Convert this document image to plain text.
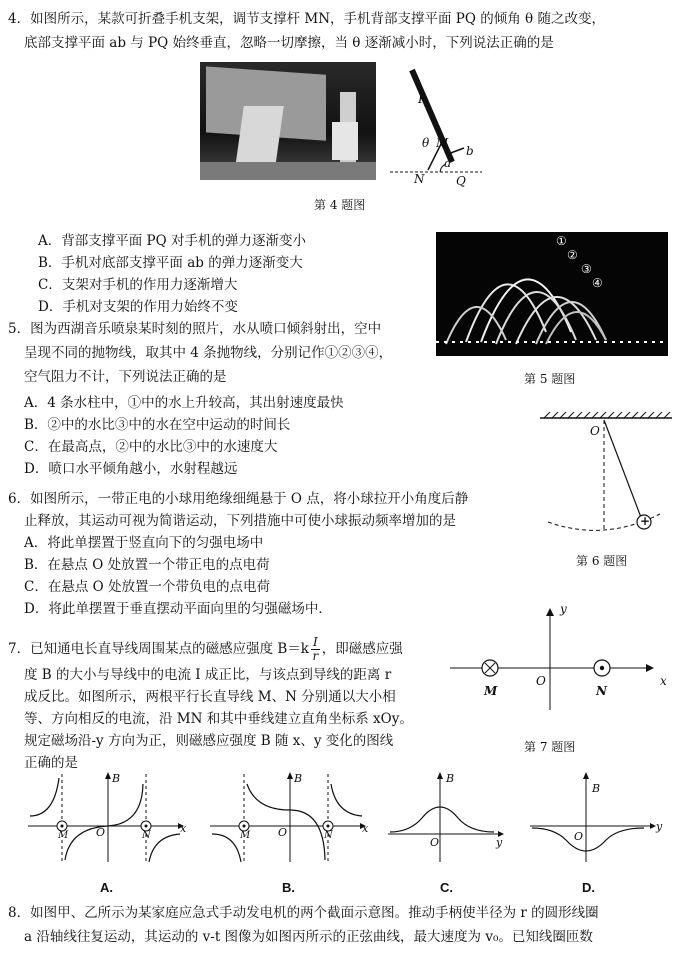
4．如图所示，某款可折叠手机支架，调节支撑杆 MN，手机背部支撑平面 PQ 的倾角 θ 随之改变，
底部支撑平面 ab 与 PQ 始终垂直，忽略一切摩擦，当 θ 逐渐减小时，下列说法正确的是
P
θ M
a
b
N	Q
第 4 题图
A．背部支撑平面 PQ 对手机的弹力逐渐变小
B．手机对底部支撑平面 ab 的弹力逐渐变大
C．支架对手机的作用力逐渐增大
D．手机对支架的作用力始终不变
5．图为西湖音乐喷泉某时刻的照片，水从喷口倾斜射出，空中
呈现不同的抛物线，取其中 4 条抛物线，分别记作①②③④，
空气阻力不计，下列说法正确的是
①
②
③
④
第 5 题图
A．4 条水柱中，①中的水上升较高，其出射速度最快
B．②中的水比③中的水在空中运动的时间长
C．在最高点，②中的水比③中的水速度大
D．喷口水平倾角越小，水射程越远
6．如图所示，一带正电的小球用绝缘细绳悬于 O 点，将小球拉开小角度后静
止释放，其运动可视为简谐运动，下列措施中可使小球振动频率增加的是
O
+
第 6 题图
A．将此单摆置于竖直向下的匀强电场中
B．在悬点 O 处放置一个带正电的点电荷
C．在悬点 O 处放置一个带负电的点电荷
D．将此单摆置于垂直摆动平面向里的匀强磁场中．
7．已知通电长直导线周围某点的磁感应强度 $B=k \frac{I}{r}$ ，即磁感应强
度 B 的大小与导线中的电流 I 成正比，与该点到导线的距离 r
成反比。如图所示，两根平行长直导线 M、N 分别通以大小相
等、方向相反的电流，沿 MN 和其中垂线建立直角坐标系 xOy。
规定磁场沿-y 方向为正，则磁感应强度 B 随 x、y 变化的图线
正确的是
y
x
O
M	N
第 7 题图
B
O
M	N
x
A.
B
O
M	N
x
B.
B
O	y
C.
B
O
y
D.
8．如图甲、乙所示为某家庭应急式手动发电机的两个截面示意图。推动手柄使半径为 r 的圆形线圈
a 沿轴线往复运动，其运动的 v-t 图像为如图丙所示的正弦曲线，最大速度为 v₀。已知线圈匝数
